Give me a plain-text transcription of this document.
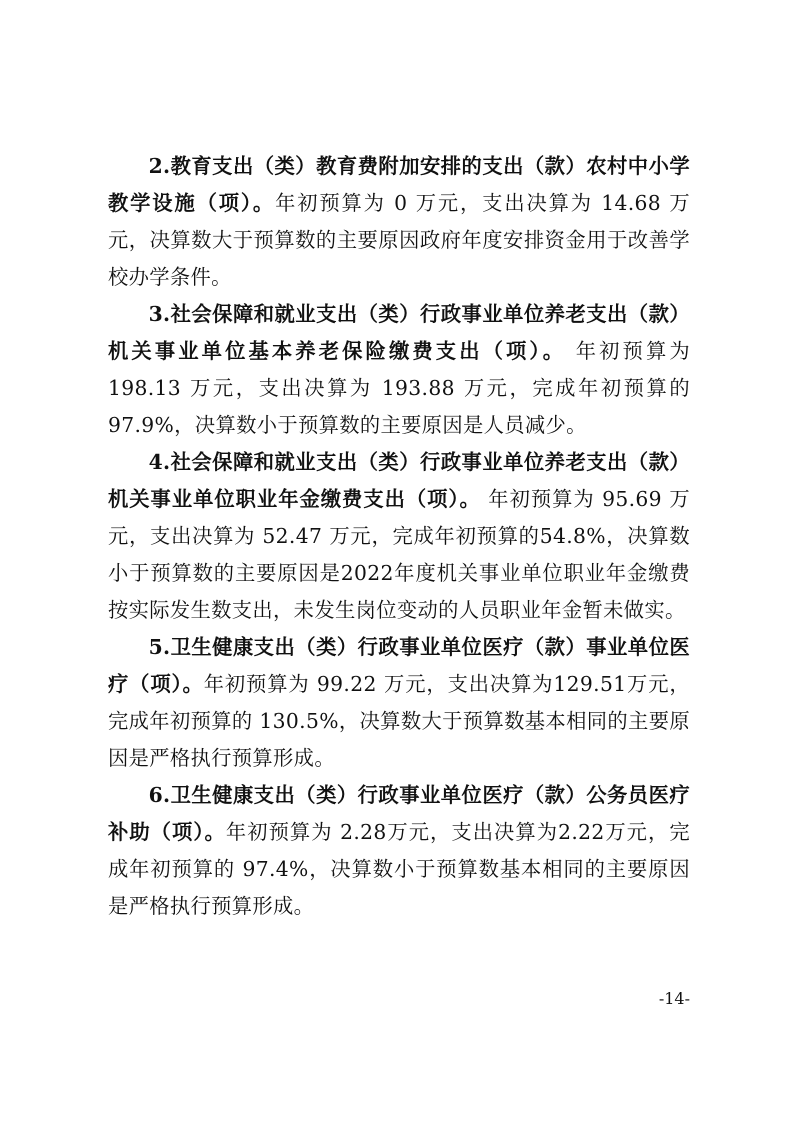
2.教育支出（类）教育费附加安排的支出（款）农村中小学教学设施（项）。年初预算为 0 万元，支出决算为 14.68 万元，决算数大于预算数的主要原因政府年度安排资金用于改善学校办学条件。

3.社会保障和就业支出（类）行政事业单位养老支出（款）机关事业单位基本养老保险缴费支出（项）。 年初预算为 198.13 万元，支出决算为 193.88 万元，完成年初预算的97.9%，决算数小于预算数的主要原因是人员减少。

4.社会保障和就业支出（类）行政事业单位养老支出（款）机关事业单位职业年金缴费支出（项）。 年初预算为 95.69 万元，支出决算为 52.47 万元，完成年初预算的54.8%，决算数小于预算数的主要原因是2022年度机关事业单位职业年金缴费按实际发生数支出，未发生岗位变动的人员职业年金暂未做实。

5.卫生健康支出（类）行政事业单位医疗（款）事业单位医疗（项）。年初预算为 99.22 万元，支出决算为129.51万元，完成年初预算的 130.5%，决算数大于预算数基本相同的主要原因是严格执行预算形成。

6.卫生健康支出（类）行政事业单位医疗（款）公务员医疗补助（项）。年初预算为 2.28万元，支出决算为2.22万元，完成年初预算的 97.4%，决算数小于预算数基本相同的主要原因是严格执行预算形成。

-14-
